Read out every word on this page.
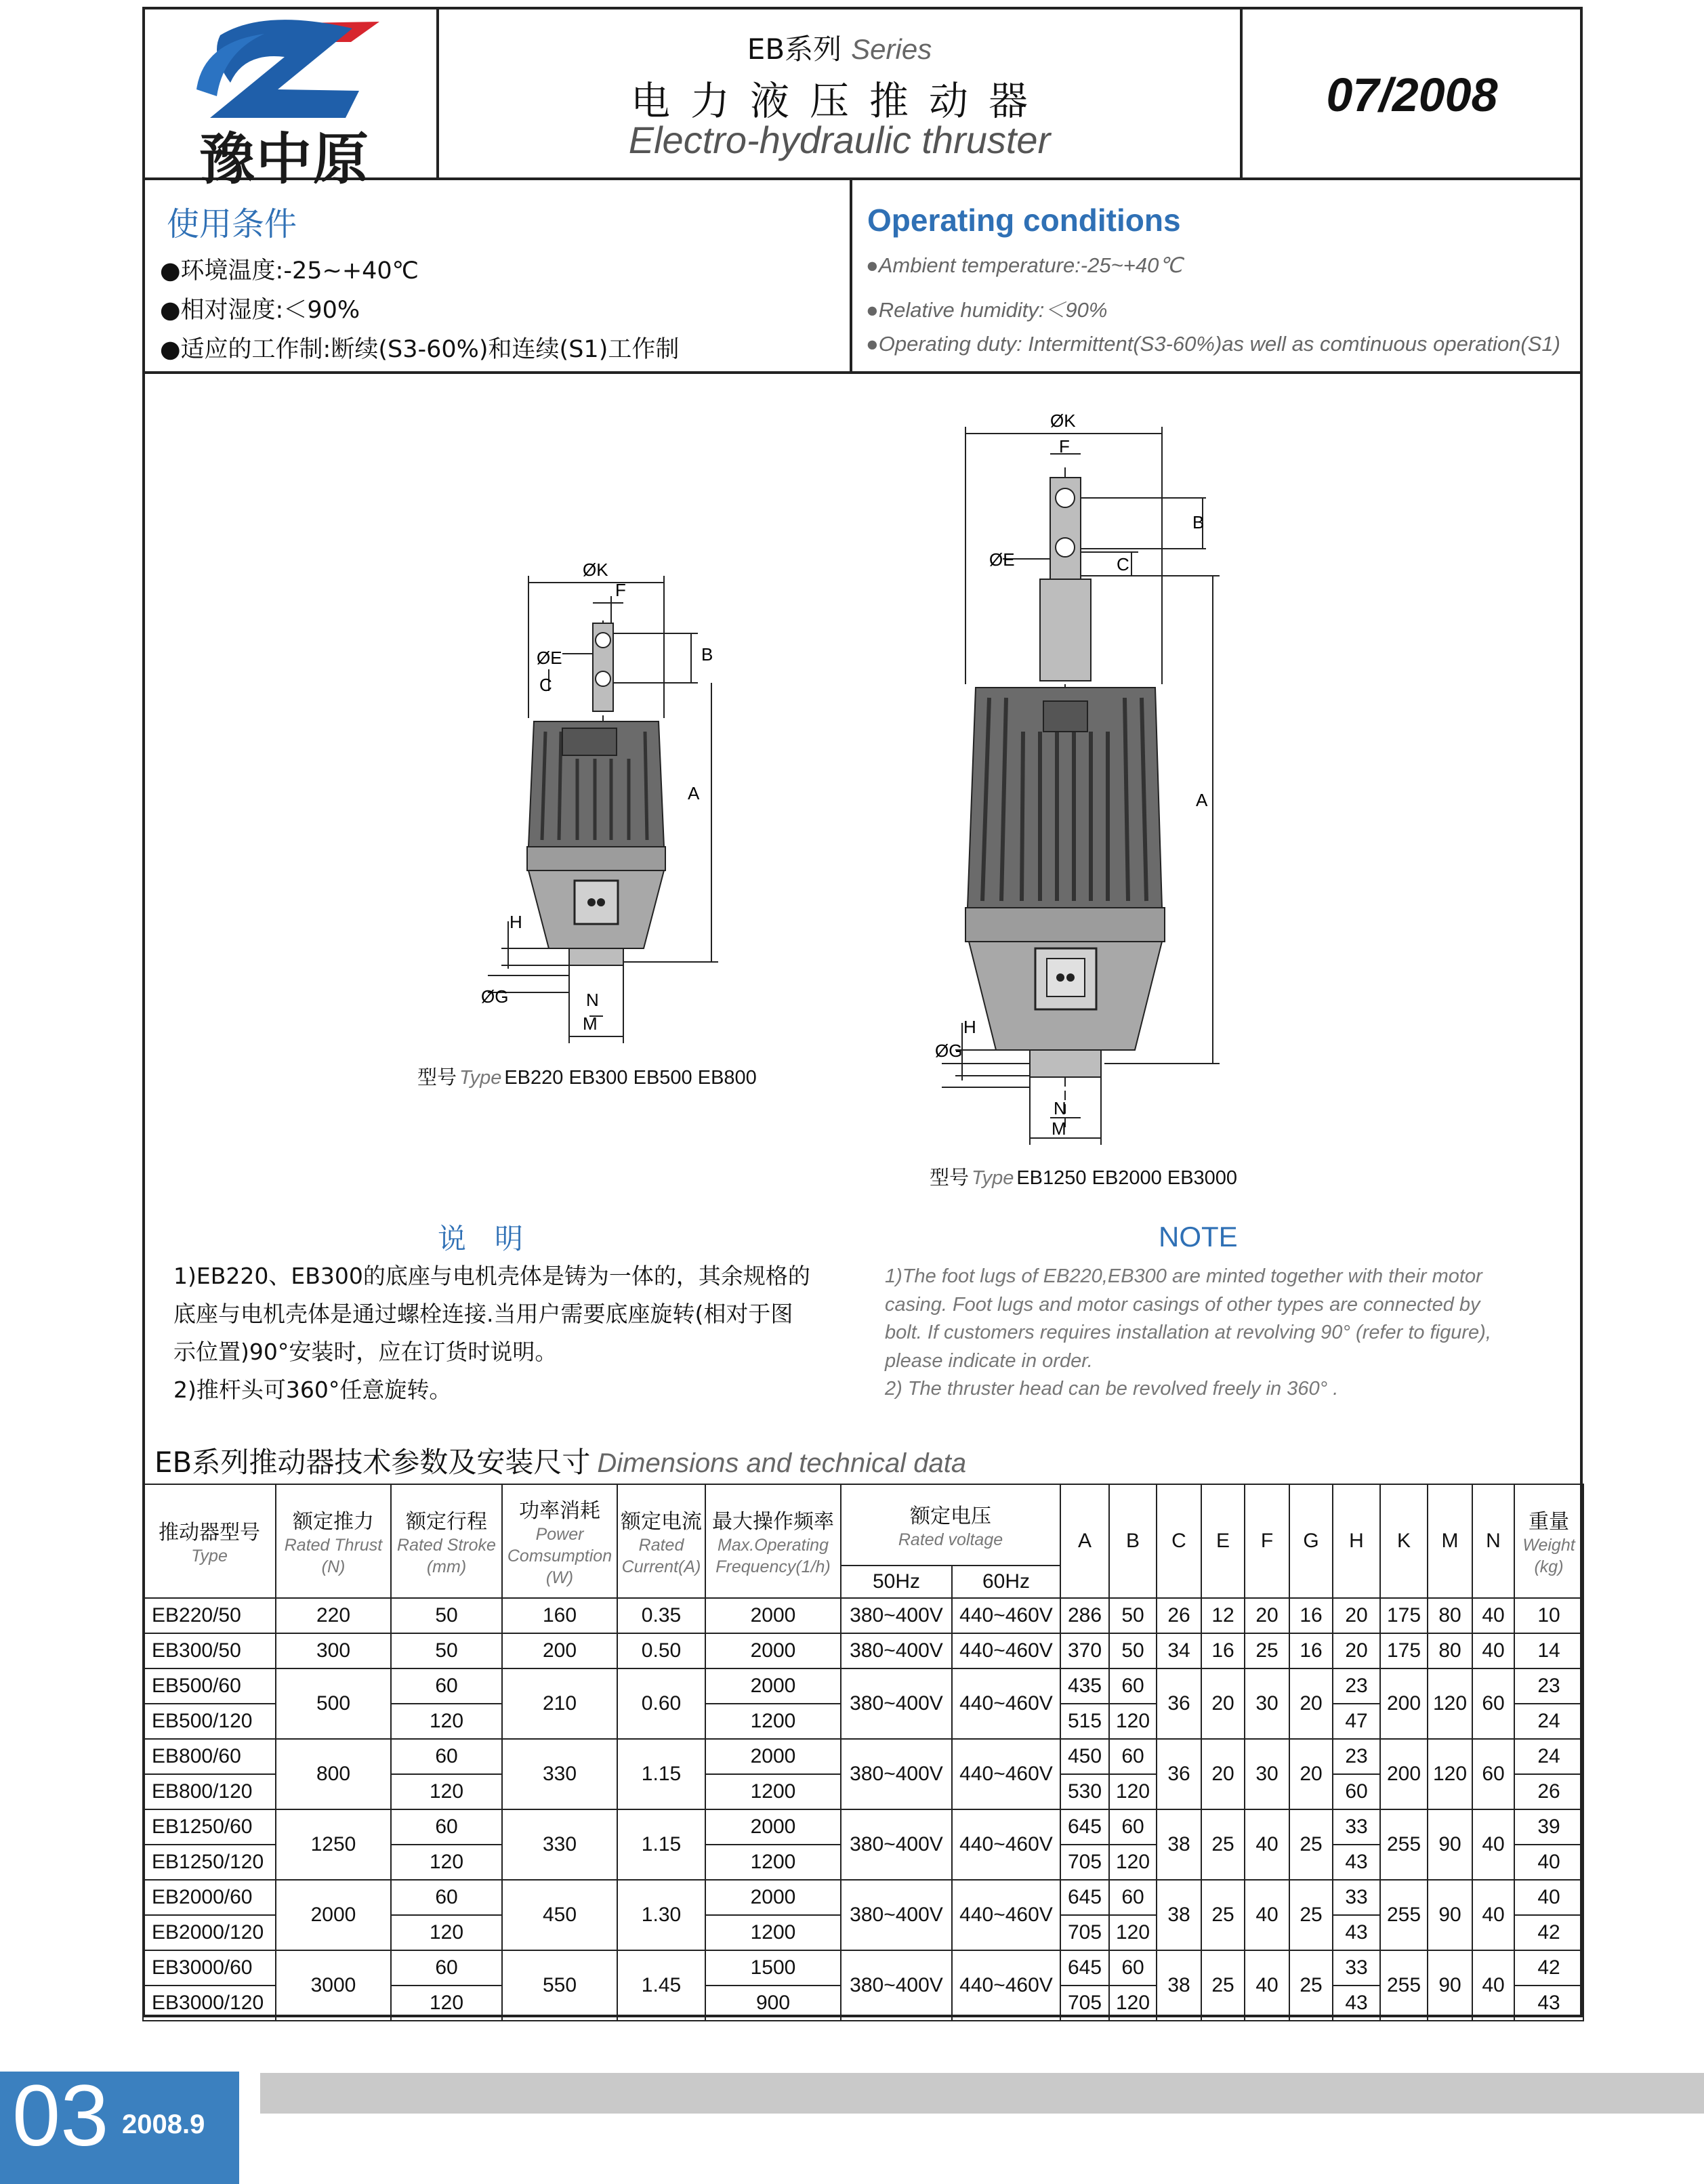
豫中原
EB系列 Series
电力液压推动器
Electro-hydraulic thruster
07/2008
使用条件
●环境温度:-25~+40℃
●相对湿度:＜90%
●适应的工作制:断续(S3-60%)和连续(S1)工作制
Operating conditions
●Ambient temperature:-25~+40℃
●Relative humidity:＜90%
●Operating duty: Intermittent(S3-60%)as well as comtinuous operation(S1)
ØK
F
ØE
C
B
A
H
ØG	N
M
型号 Type EB220 EB300 EB500 EB800
ØK
F
ØE	C
B
A
H
ØG
N
M
型号 Type EB1250 EB2000 EB3000
说　明	NOTE
1)EB220、EB300的底座与电机壳体是铸为一体的，其余规格的
底座与电机壳体是通过螺栓连接.当用户需要底座旋转(相对于图
示位置)90°安装时，应在订货时说明。
2)推杆头可360°任意旋转。
1)The foot lugs of EB220,EB300 are minted together with their motor
casing. Foot lugs and motor casings of other types are connected by
bolt. If customers requires installation at revolving 90° (refer to figure),
please indicate in order.
2) The thruster head can be revolved freely in 360° .
EB系列推动器技术参数及安装尺寸 Dimensions and technical data
推动器型号
Type	额定推力
Rated Thrust
(N)	额定行程
Rated Stroke
(mm)	功率消耗
Power
Comsumption
(W)	额定电流
Rated
Current(A)	最大操作频率
Max.Operating
Frequency(1/h)	额定电压
Rated voltage		A	B	C	E	F	G	H	K	M	N	重量
Weight
(kg)

						50Hz	60Hz											
EB220/50	220	50	160	0.35	2000	380~400V	440~460V	286	50	26	12	20	16	20	175	80	40	10
EB300/50	300	50	200	0.50	2000	380~400V	440~460V	370	50	34	16	25	16	20	175	80	40	14
EB500/60	500	60	210	0.60	2000	380~400V	440~460V	435	60	36	20	30	20	23	200	120	60	23
EB500/120		120			1200			515	120					47				24
EB800/60	800	60	330	1.15	2000	380~400V	440~460V	450	60	36	20	30	20	23	200	120	60	24
EB800/120		120			1200			530	120					60				26
EB1250/60	1250	60	330	1.15	2000	380~400V	440~460V	645	60	38	25	40	25	33	255	90	40	39
EB1250/120		120			1200			705	120					43				40
EB2000/60	2000	60	450	1.30	2000	380~400V	440~460V	645	60	38	25	40	25	33	255	90	40	40
EB2000/120		120			1200			705	120					43				42
EB3000/60	3000	60	550	1.45	1500	380~400V	440~460V	645	60	38	25	40	25	33	255	90	40	42
EB3000/120		120			900			705	120					43				43
03 2008.9
